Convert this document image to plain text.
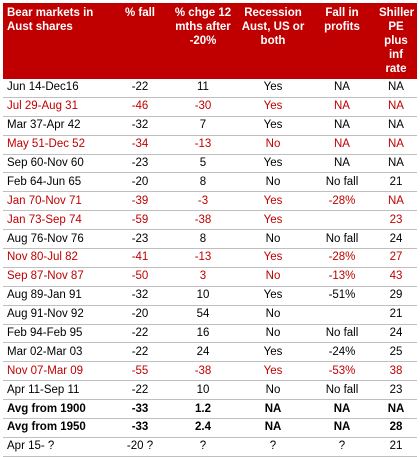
Bear markets in Aust shares	% fall	% chge 12 mths after -20%	Recession Aust, US or both	Fall in profits	Shiller PE plus inf rate
Jun 14-Dec16	-22	11	Yes	NA	NA
Jul 29-Aug 31	-46	-30	Yes	NA	NA
Mar 37-Apr 42	-32	7	Yes	NA	NA
May 51-Dec 52	-34	-13	No	NA	NA
Sep 60-Nov 60	-23	5	Yes	NA	NA
Feb 64-Jun 65	-20	8	No	No fall	21
Jan 70-Nov 71	-39	-3	Yes	-28%	NA
Jan 73-Sep 74	-59	-38	Yes		23
Aug 76-Nov 76	-23	8	No	No fall	24
Nov 80-Jul 82	-41	-13	Yes	-28%	27
Sep 87-Nov 87	-50	3	No	-13%	43
Aug 89-Jan 91	-32	10	Yes	-51%	29
Aug 91-Nov 92	-20	54	No		21
Feb 94-Feb 95	-22	16	No	No fall	24
Mar 02-Mar 03	-22	24	Yes	-24%	25
Nov 07-Mar 09	-55	-38	Yes	-53%	38
Apr 11-Sep 11	-22	10	No	No fall	23
Avg from 1900	-33	1.2	NA	NA	NA
Avg from 1950	-33	2.4	NA	NA	28
Apr 15- ?	-20 ?	?	?	?	21
